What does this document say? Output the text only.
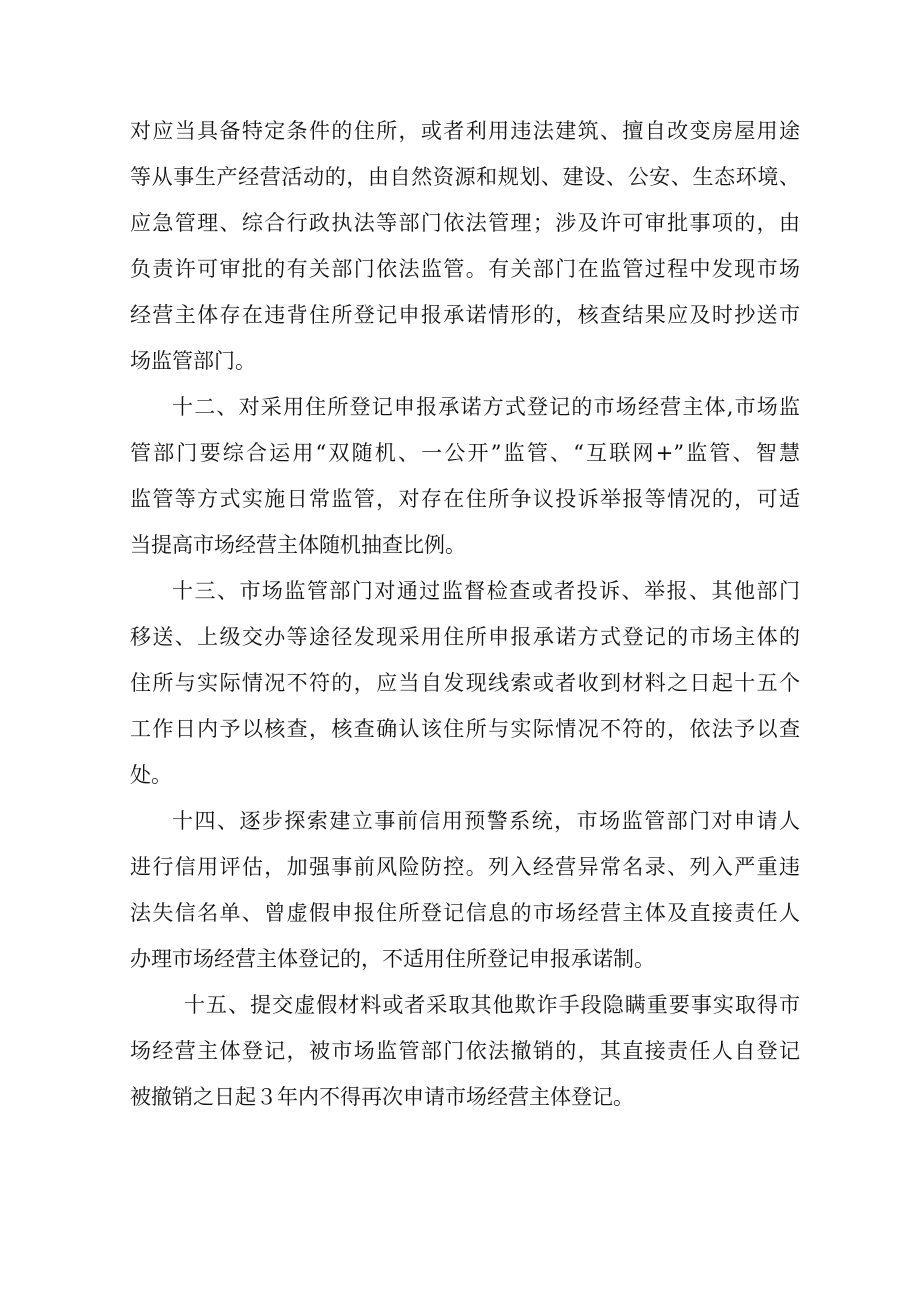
对应当具备特定条件的住所，或者利用违法建筑、擅自改变房屋用途
等从事生产经营活动的，由自然资源和规划、建设、公安、生态环境、
应急管理、综合行政执法等部门依法管理；涉及许可审批事项的，由
负责许可审批的有关部门依法监管。有关部门在监管过程中发现市场
经营主体存在违背住所登记申报承诺情形的，核查结果应及时抄送市
场监管部门。
十二、对采用住所登记申报承诺方式登记的市场经营主体,市场监
管部门要综合运用“双随机、一公开”监管、“互联网+”监管、智慧
监管等方式实施日常监管，对存在住所争议投诉举报等情况的，可适
当提高市场经营主体随机抽查比例。
十三、市场监管部门对通过监督检查或者投诉、举报、其他部门
移送、上级交办等途径发现采用住所申报承诺方式登记的市场主体的
住所与实际情况不符的，应当自发现线索或者收到材料之日起十五个
工作日内予以核查，核查确认该住所与实际情况不符的，依法予以查
处。
十四、逐步探索建立事前信用预警系统，市场监管部门对申请人
进行信用评估，加强事前风险防控。列入经营异常名录、列入严重违
法失信名单、曾虚假申报住所登记信息的市场经营主体及直接责任人
办理市场经营主体登记的，不适用住所登记申报承诺制。
十五、提交虚假材料或者采取其他欺诈手段隐瞒重要事实取得市
场经营主体登记，被市场监管部门依法撤销的，其直接责任人自登记
被撤销之日起３年内不得再次申请市场经营主体登记。
